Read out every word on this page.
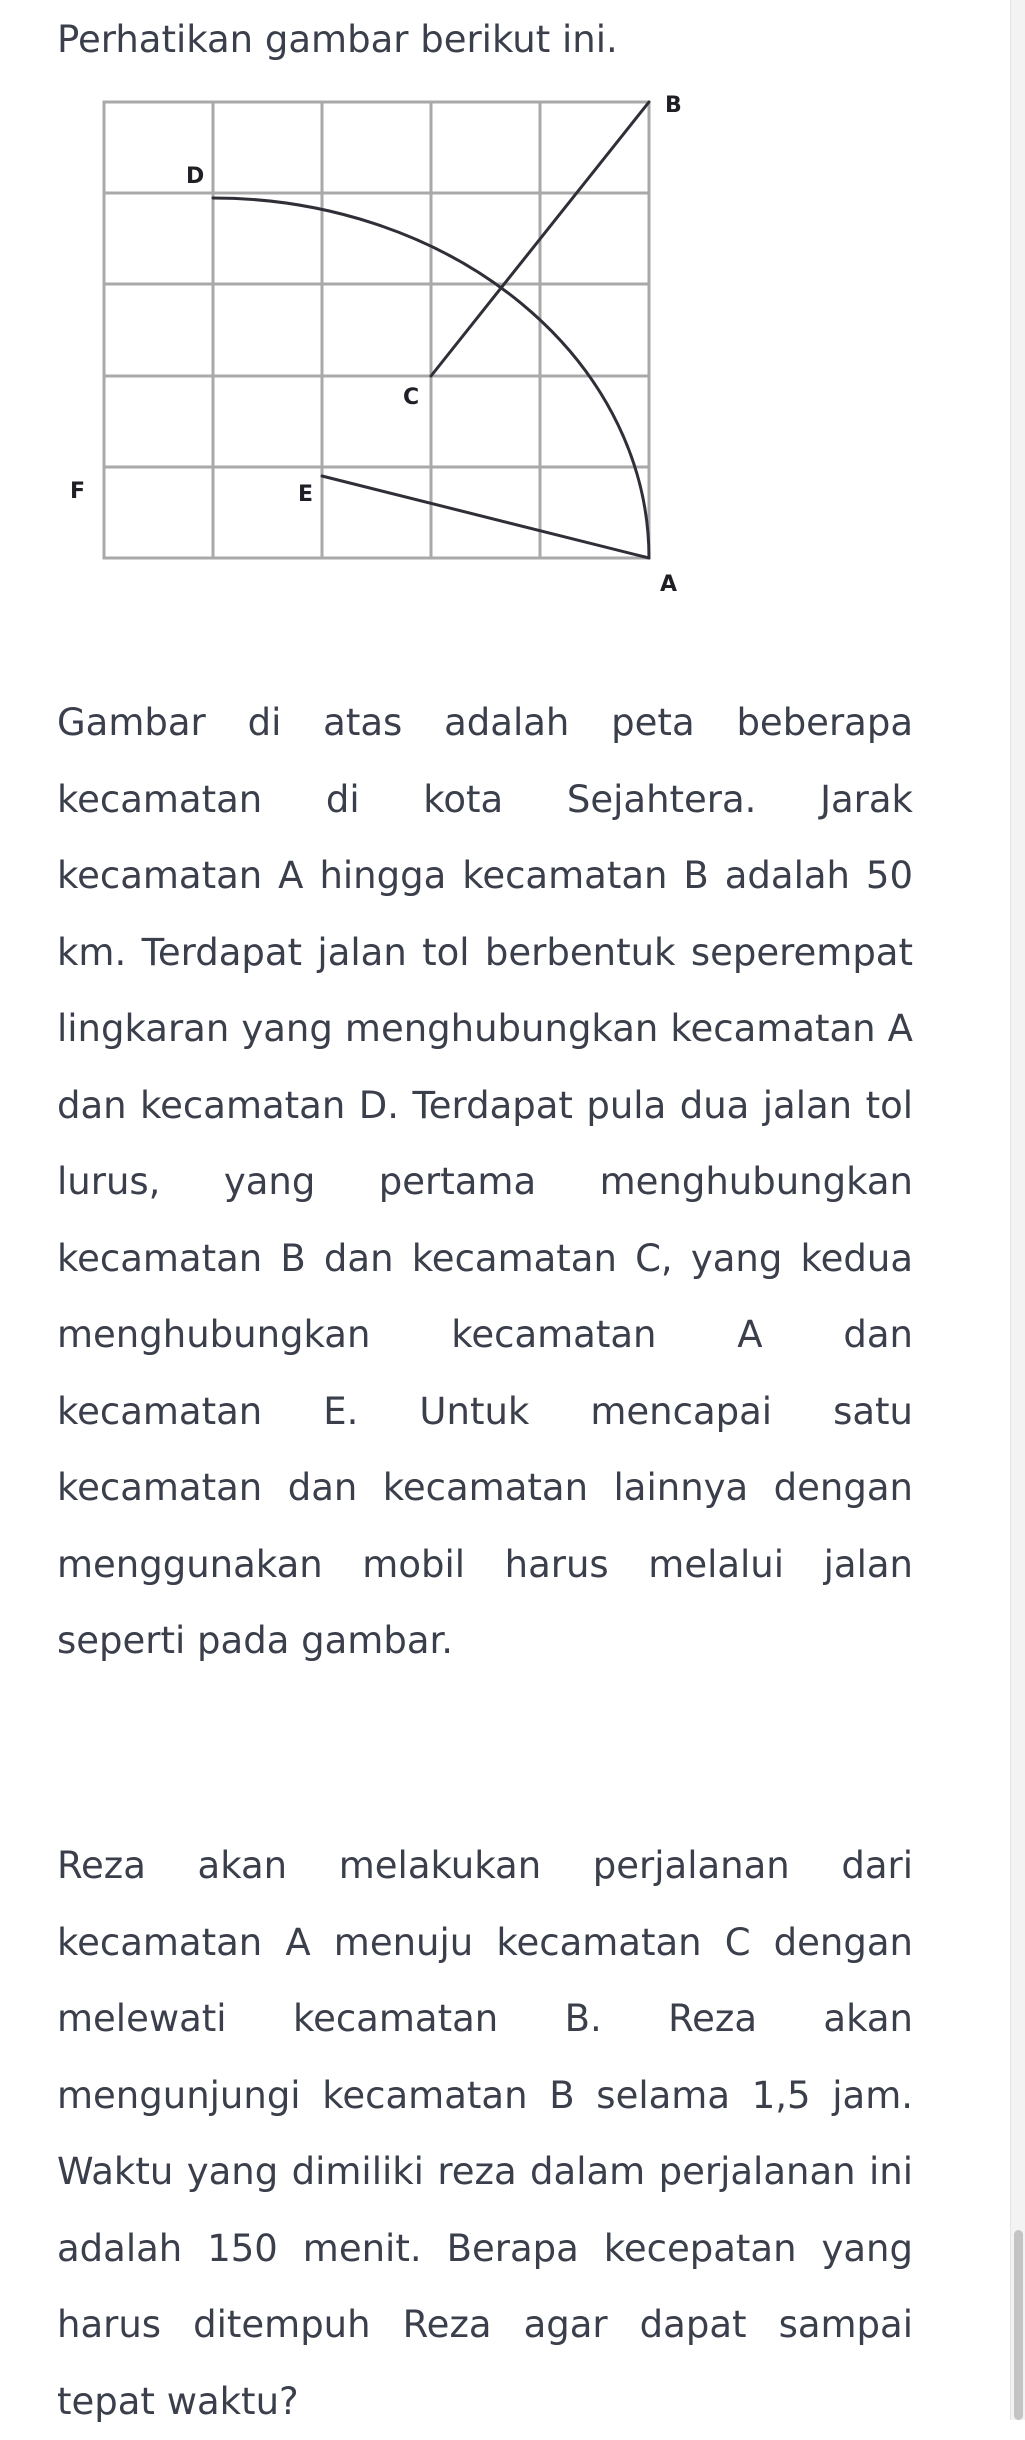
Perhatikan gambar berikut ini.

B
D
C
F	E
A

Gambar di atas adalah peta beberapa kecamatan di kota Sejahtera. Jarak kecamatan A hingga kecamatan B adalah 50 km. Terdapat jalan tol berbentuk seperempat lingkaran yang menghubungkan kecamatan A dan kecamatan D. Terdapat pula dua jalan tol lurus, yang pertama menghubungkan kecamatan B dan kecamatan C, yang kedua menghubungkan kecamatan A dan kecamatan E. Untuk mencapai satu kecamatan dan kecamatan lainnya dengan menggunakan mobil harus melalui jalan seperti pada gambar.

Reza akan melakukan perjalanan dari kecamatan A menuju kecamatan C dengan melewati kecamatan B. Reza akan mengunjungi kecamatan B selama 1,5 jam. Waktu yang dimiliki reza dalam perjalanan ini adalah 150 menit. Berapa kecepatan yang harus ditempuh Reza agar dapat sampai tepat waktu?
